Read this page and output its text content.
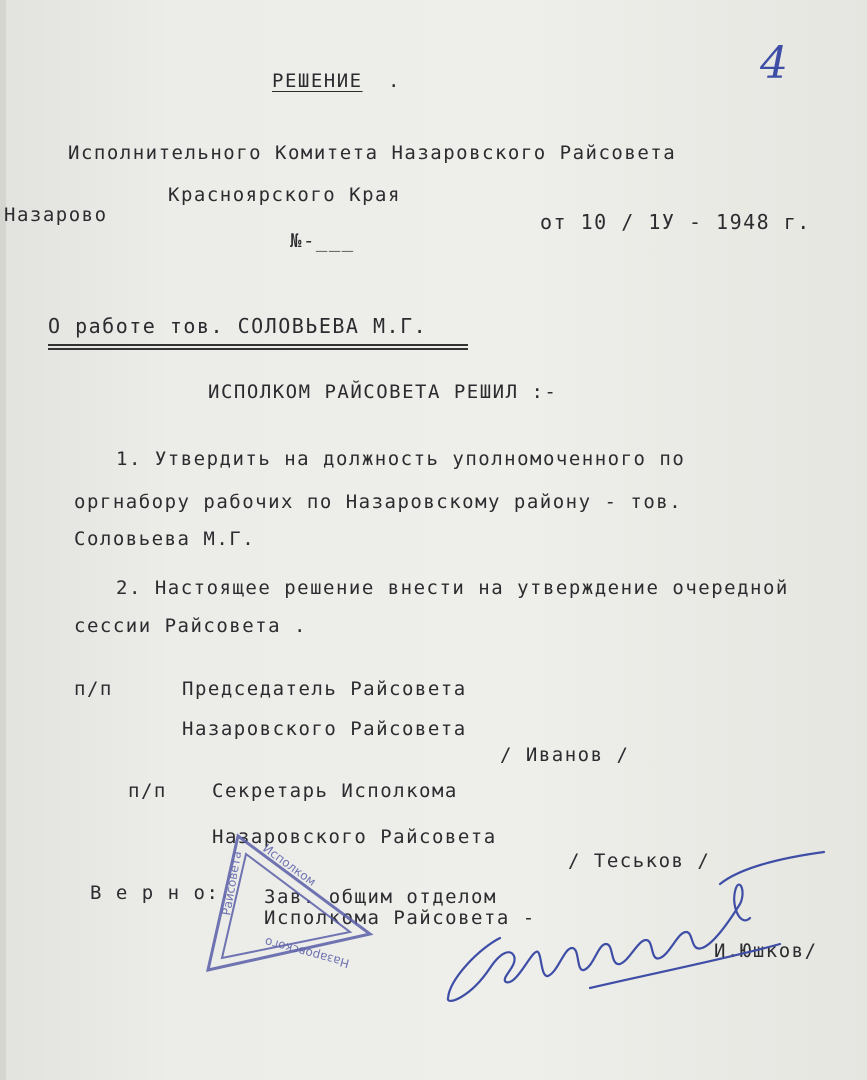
4
РЕШЕНИЕ .
Исполнительного Комитета Назаровского Райсовета
Красноярского Края
Назарово	от 10 / 1У - 1948 г.
№-___
О работе тов. СОЛОВЬЕВА М.Г.
ИСПОЛКОМ РАЙСОВЕТА РЕШИЛ :-
1. Утвердить на должность уполномоченного по
оргнабору рабочих по Назаровскому району - тов.
Соловьева М.Г.
2. Настоящее решение внести на утверждение очередной
сессии Райсовета .
п/п	Председатель Райсовета
Назаровского Райсовета
/ Иванов /
п/п Секретарь Исполкома
Назаровского Райсовета
/ Теськов /
В е р н о: Зав. общим отделом
Исполкома Райсовета -
И.Юшков/
Исполком
Райсовета
Назаровского
